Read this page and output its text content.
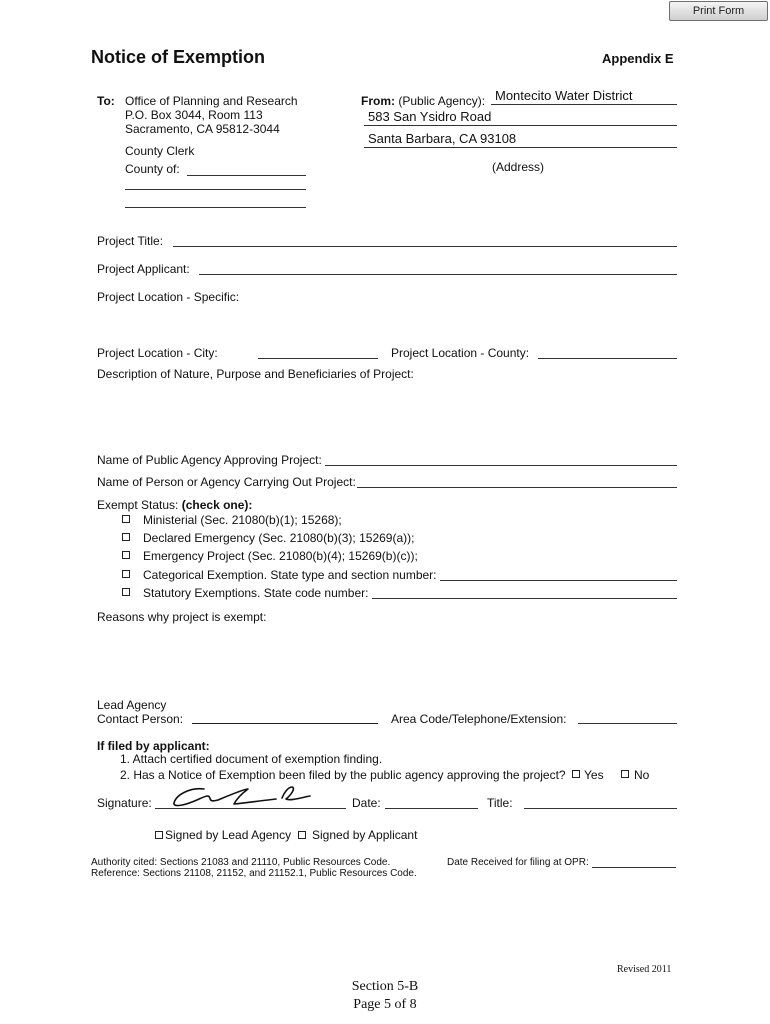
Print Form
Notice of Exemption	Appendix E
To: Office of Planning and Research
P.O. Box 3044, Room 113
Sacramento, CA 95812-3044
County Clerk
County of:
From: (Public Agency): Montecito Water District
583 San Ysidro Road
Santa Barbara, CA 93108
(Address)
Project Title:
Project Applicant:
Project Location - Specific:
Project Location - City:	Project Location - County:
Description of Nature, Purpose and Beneficiaries of Project:
Name of Public Agency Approving Project:
Name of Person or Agency Carrying Out Project:
Exempt Status: (check one):
Ministerial (Sec. 21080(b)(1); 15268);
Declared Emergency (Sec. 21080(b)(3); 15269(a));
Emergency Project (Sec. 21080(b)(4); 15269(b)(c));
Categorical Exemption. State type and section number:
Statutory Exemptions. State code number:
Reasons why project is exempt:
Lead Agency
Contact Person:	Area Code/Telephone/Extension:
If filed by applicant:
1. Attach certified document of exemption finding.
2. Has a Notice of Exemption been filed by the public agency approving the project? Yes	No
Signature:	Date:	Title:
Signed by Lead Agency Signed by Applicant
Authority cited: Sections 21083 and 21110, Public Resources Code.
Reference: Sections 21108, 21152, and 21152.1, Public Resources Code.
Date Received for filing at OPR:
Revised 2011
Section 5-B
Page 5 of 8
